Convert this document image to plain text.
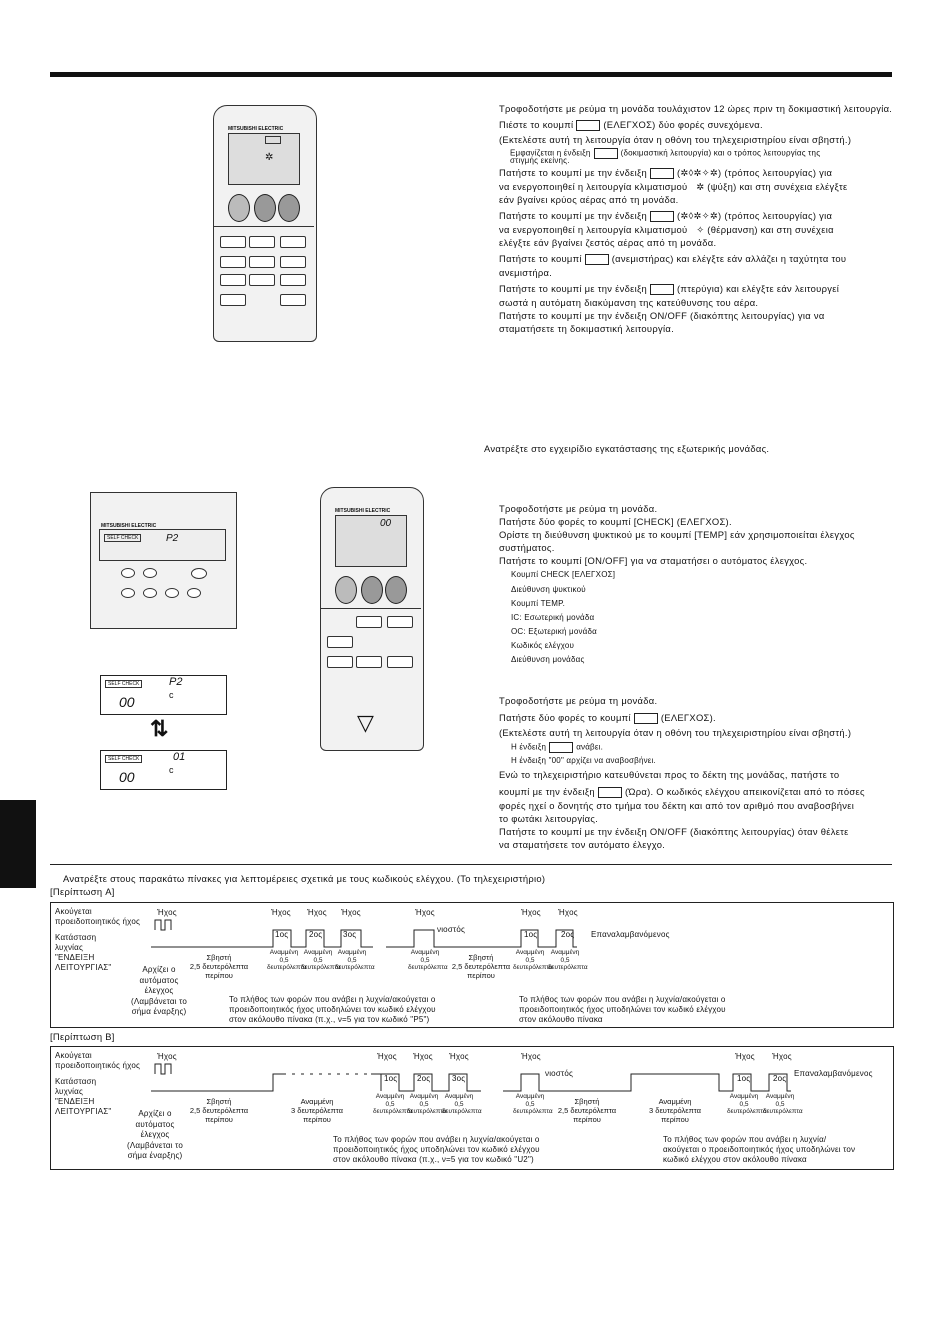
MITSUBISHI ELECTRIC
✲
Τροφοδοτήστε με ρεύμα τη μονάδα τουλάχιστον 12 ώρες πριν τη δοκιμαστική λειτουργία.
Πιέστε το κουμπί	(ΕΛΕΓΧΟΣ) δύο φορές συνεχόμενα.
(Εκτελέστε αυτή τη λειτουργία όταν η οθόνη του τηλεχειριστηρίου είναι σβηστή.)
Εμφανίζεται η ένδειξη	(δοκιμαστική λειτουργία) και ο τρόπος λειτουργίας της
στιγμής εκείνης.
Πατήστε το κουμπί με την ένδειξη	(✲◊✲✧✲) (τρόπος λειτουργίας) για
να ενεργοποιηθεί η λειτουργία κλιματισμού ✲ (ψύξη) και στη συνέχεια ελέγξτε
εάν βγαίνει κρύος αέρας από τη μονάδα.
Πατήστε το κουμπί με την ένδειξη	(✲◊✲✧✲) (τρόπος λειτουργίας) για
να ενεργοποιηθεί η λειτουργία κλιματισμού ✧ (θέρμανση) και στη συνέχεια
ελέγξτε εάν βγαίνει ζεστός αέρας από τη μονάδα.
Πατήστε το κουμπί	(ανεμιστήρας) και ελέγξτε εάν αλλάζει η ταχύτητα του
ανεμιστήρα.
Πατήστε το κουμπί με την ένδειξη	(πτερύγια) και ελέγξτε εάν λειτουργεί
σωστά η αυτόματη διακύμανση της κατεύθυνσης του αέρα.
Πατήστε το κουμπί με την ένδειξη ON/OFF (διακόπτης λειτουργίας) για να
σταματήσετε τη δοκιμαστική λειτουργία.
Ανατρέξτε στο εγχειρίδιο εγκατάστασης της εξωτερικής μονάδας.
MITSUBISHI ELECTRIC
SELF CHECK	P2
SELF CHECK
00
P2
c
⇅
SELF CHECK
00
01
c
MITSUBISHI ELECTRIC
00
▽
Τροφοδοτήστε με ρεύμα τη μονάδα.
Πατήστε δύο φορές το κουμπί [CHECK] (ΕΛΕΓΧΟΣ).
Ορίστε τη διεύθυνση ψυκτικού με το κουμπί [TEMP] εάν χρησιμοποιείται έλεγχος
συστήματος.
Πατήστε το κουμπί [ON/OFF] για να σταματήσει ο αυτόματος έλεγχος.
Κουμπί CHECK [ΕΛΕΓΧΟΣ]
Διεύθυνση ψυκτικού
Κουμπί TEMP.
IC: Εσωτερική μονάδα
OC: Εξωτερική μονάδα
Κωδικός ελέγχου
Διεύθυνση μονάδας
Τροφοδοτήστε με ρεύμα τη μονάδα.
Πατήστε δύο φορές το κουμπί	(ΕΛΕΓΧΟΣ).
(Εκτελέστε αυτή τη λειτουργία όταν η οθόνη του τηλεχειριστηρίου είναι σβηστή.)
Η ένδειξη	ανάβει.
Η ένδειξη "00" αρχίζει να αναβοσβήνει.
Ενώ το τηλεχειριστήριο κατευθύνεται προς το δέκτη της μονάδας, πατήστε το
κουμπί με την ένδειξη	(Ώρα). Ο κωδικός ελέγχου απεικονίζεται από το πόσες
φορές ηχεί ο δονητής στο τμήμα του δέκτη και από τον αριθμό που αναβοσβήνει
το φωτάκι λειτουργίας.
Πατήστε το κουμπί με την ένδειξη ON/OFF (διακόπτης λειτουργίας) όταν θέλετε
να σταματήσετε τον αυτόματο έλεγχο.
Ανατρέξτε στους παρακάτω πίνακες για λεπτομέρειες σχετικά με τους κωδικούς ελέγχου. (Το τηλεχειριστήριο)
[Περίπτωση A]
Ακούγεται
προειδοποιητικός ήχος
Κατάσταση
λυχνίας
"ΕΝΔΕΙΞΗ
ΛΕΙΤΟΥΡΓΙΑΣ"
Ήχος	Ήχος Ήχος Ήχος	Ήχος	Ήχος Ήχος
1ος	2ος	3ος
νιοστός
1ος	2ος Επαναλαμβανόμενος
Αναμμένη
0,5
δευτερόλεπτα
Αναμμένη
0,5
δευτερόλεπτα
Αναμμένη
0,5
δευτερόλεπτα
Αναμμένη
0,5
δευτερόλεπτα
Αναμμένη
0,5
δευτερόλεπτα
Αναμμένη
0,5
δευτερόλεπτα
Σβηστή
2,5 δευτερόλεπτα
περίπου
Σβηστή
2,5 δευτερόλεπτα
περίπου
Αρχίζει ο
αυτόματος
έλεγχος
(Λαμβάνεται το
σήμα έναρξης)
Το πλήθος των φορών που ανάβει η λυχνία/ακούγεται ο
προειδοποιητικός ήχος υποδηλώνει τον κωδικό ελέγχου
στον ακόλουθο πίνακα (π.χ., ν=5 για τον κωδικό "P5")
Το πλήθος των φορών που ανάβει η λυχνία/ακούγεται ο
προειδοποιητικός ήχος υποδηλώνει τον κωδικό ελέγχου
στον ακόλουθο πίνακα
[Περίπτωση B]
Ακούγεται
προειδοποιητικός ήχος
Κατάσταση
λυχνίας
"ΕΝΔΕΙΞΗ
ΛΕΙΤΟΥΡΓΙΑΣ"
Ήχος	Ήχος Ήχος Ήχος	Ήχος	Ήχος Ήχος
1ος 2ος	3ος
νιοστός
1ος	2ος
Επαναλαμβανόμενος
Αναμμένη
0,5
δευτερόλεπτα
Αναμμένη
0,5
δευτερόλεπτα
Αναμμένη
0,5
δευτερόλεπτα
Αναμμένη
0,5
δευτερόλεπτα
Αναμμένη
0,5
δευτερόλεπτα
Αναμμένη
0,5
δευτερόλεπτα
Σβηστή
2,5 δευτερόλεπτα
περίπου
Αναμμένη
3 δευτερόλεπτα
περίπου
Σβηστή
2,5 δευτερόλεπτα
περίπου
Αναμμένη
3 δευτερόλεπτα
περίπου
Αρχίζει ο
αυτόματος
έλεγχος
(Λαμβάνεται το
σήμα έναρξης)
Το πλήθος των φορών που ανάβει η λυχνία/ακούγεται ο
προειδοποιητικός ήχος υποδηλώνει τον κωδικό ελέγχου
στον ακόλουθο πίνακα (π.χ., ν=5 για τον κωδικό "U2")
Το πλήθος των φορών που ανάβει η λυχνία/
ακούγεται ο προειδοποιητικός ήχος υποδηλώνει τον
κωδικό ελέγχου στον ακόλουθο πίνακα
